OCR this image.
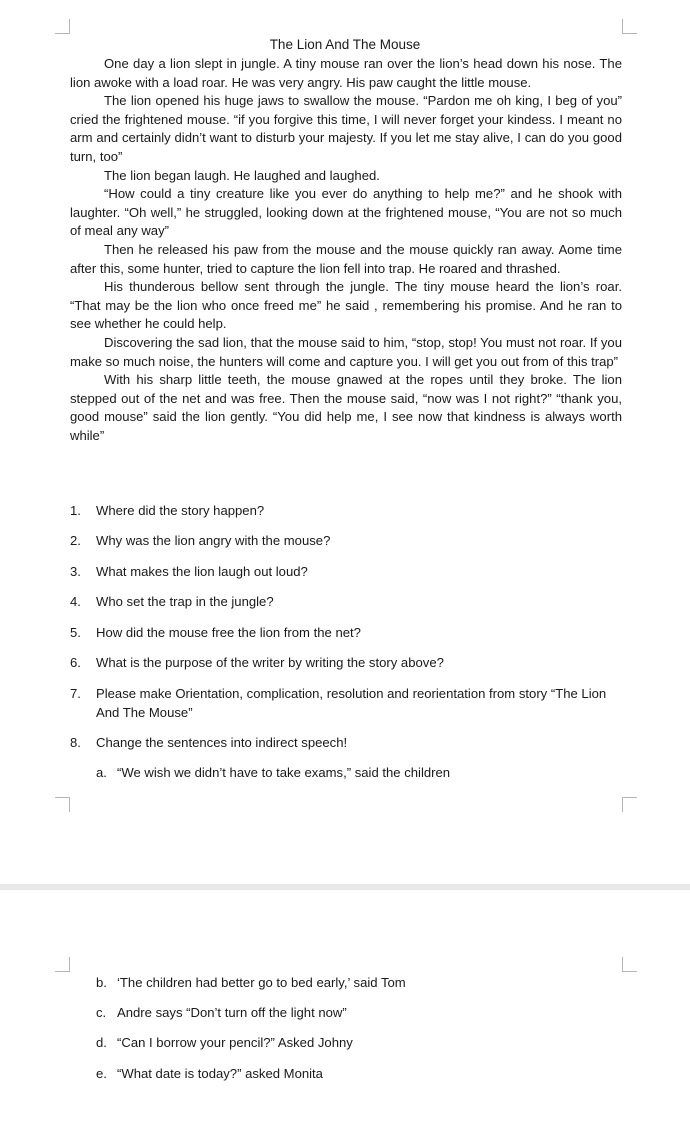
The Lion And The Mouse

One day a lion slept in jungle. A tiny mouse ran over the lion’s head down his nose. The lion awoke with a load roar. He was very angry. His paw caught the little mouse.

The lion opened his huge jaws to swallow the mouse. “Pardon me oh king, I beg of you” cried the frightened mouse. “if you forgive this time, I will never forget your kindess. I meant no arm and certainly didn’t want to disturb your majesty. If you let me stay alive, I can do you good turn, too”

The lion began laugh. He laughed and laughed.

“How could a tiny creature like you ever do anything to help me?” and he shook with laughter. “Oh well,” he struggled, looking down at the frightened mouse, “You are not so much of meal any way”

Then he released his paw from the mouse and the mouse quickly ran away. Aome time after this, some hunter, tried to capture the lion fell into trap. He roared and thrashed.

His thunderous bellow sent through the jungle. The tiny mouse heard the lion’s roar. “That may be the lion who once freed me” he said , remembering his promise. And he ran to see whether he could help.

Discovering the sad lion, that the mouse said to him, “stop, stop! You must not roar. If you make so much noise, the hunters will come and capture you. I will get you out from of this trap”

With his sharp little teeth, the mouse gnawed at the ropes until they broke. The lion stepped out of the net and was free. Then the mouse said, “now was I not right?” “thank you, good mouse” said the lion gently. “You did help me, I see now that kindness is always worth while”

1. Where did the story happen?
2. Why was the lion angry with the mouse?
3. What makes the lion laugh out loud?
4. Who set the trap in the jungle?
5. How did the mouse free the lion from the net?
6. What is the purpose of the writer by writing the story above?
7. Please make Orientation, complication, resolution and reorientation from story “The Lion And The Mouse”
8. Change the sentences into indirect speech!
a. “We wish we didn’t have to take exams,” said the children
b. ‘The children had better go to bed early,’ said Tom
c. Andre says “Don’t turn off the light now”
d. “Can I borrow your pencil?” Asked Johny
e. “What date is today?” asked Monita
